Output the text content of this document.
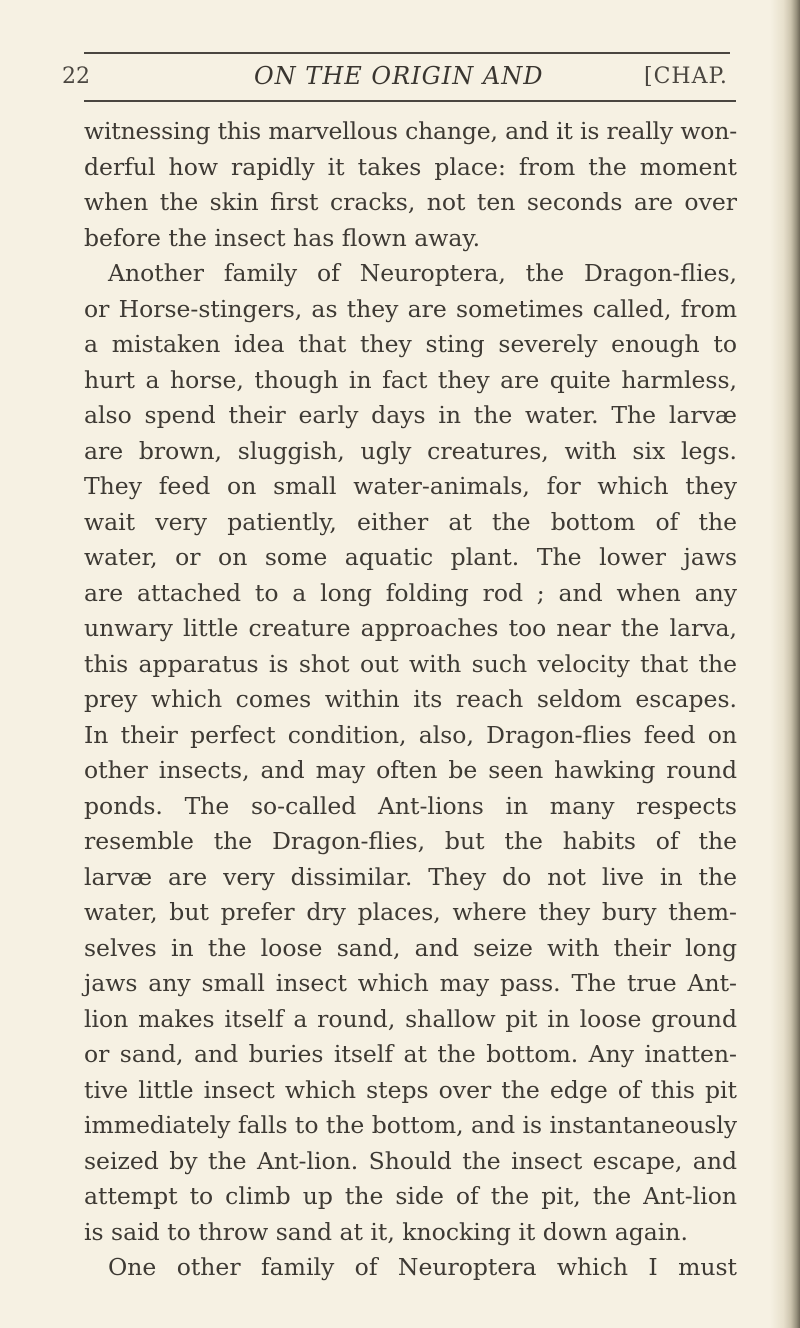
22	ON THE ORIGIN AND	[CHAP.
witnessing this marvellous change, and it is really won-
derful how rapidly it takes place: from the moment
when the skin first cracks, not ten seconds are over
before the insect has flown away.
Another family of Neuroptera, the Dragon-flies,
or Horse-stingers, as they are sometimes called, from
a mistaken idea that they sting severely enough to
hurt a horse, though in fact they are quite harmless,
also spend their early days in the water. The larvæ
are brown, sluggish, ugly creatures, with six legs.
They feed on small water-animals, for which they
wait very patiently, either at the bottom of the
water, or on some aquatic plant. The lower jaws
are attached to a long folding rod ; and when any
unwary little creature approaches too near the larva,
this apparatus is shot out with such velocity that the
prey which comes within its reach seldom escapes.
In their perfect condition, also, Dragon-flies feed on
other insects, and may often be seen hawking round
ponds. The so-called Ant-lions in many respects
resemble the Dragon-flies, but the habits of the
larvæ are very dissimilar. They do not live in the
water, but prefer dry places, where they bury them-
selves in the loose sand, and seize with their long
jaws any small insect which may pass. The true Ant-
lion makes itself a round, shallow pit in loose ground
or sand, and buries itself at the bottom. Any inatten-
tive little insect which steps over the edge of this pit
immediately falls to the bottom, and is instantaneously
seized by the Ant-lion. Should the insect escape, and
attempt to climb up the side of the pit, the Ant-lion
is said to throw sand at it, knocking it down again.
One other family of Neuroptera which I must
